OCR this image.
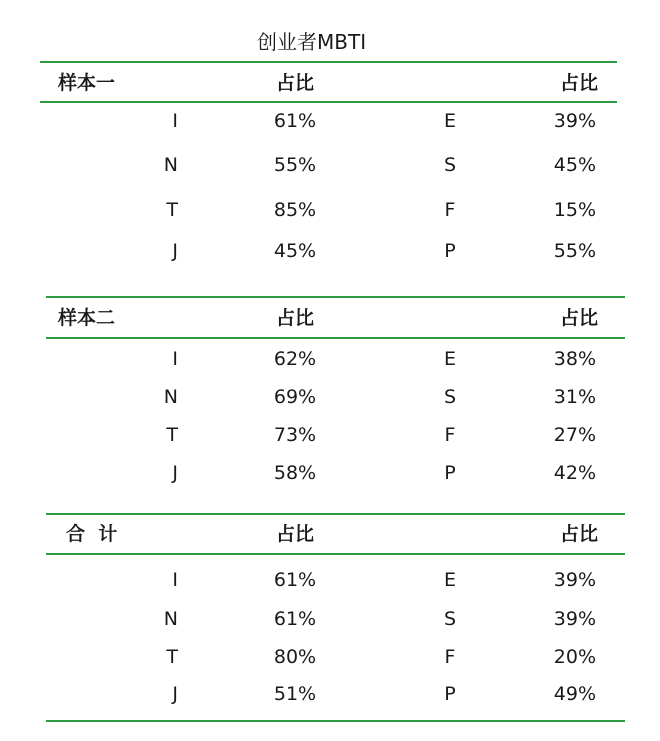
创业者MBTI
样本一	占比	占比
I	61%	E	39%
N	55%	S	45%
T	85%	F	15%
J	45%	P	55%
样本二	占比	占比
I	62%	E	38%
N	69%	S	31%
T	73%	F	27%
J	58%	P	42%
合  计	占比	占比
I	61%	E	39%
N	61%	S	39%
T	80%	F	20%
J	51%	P	49%
